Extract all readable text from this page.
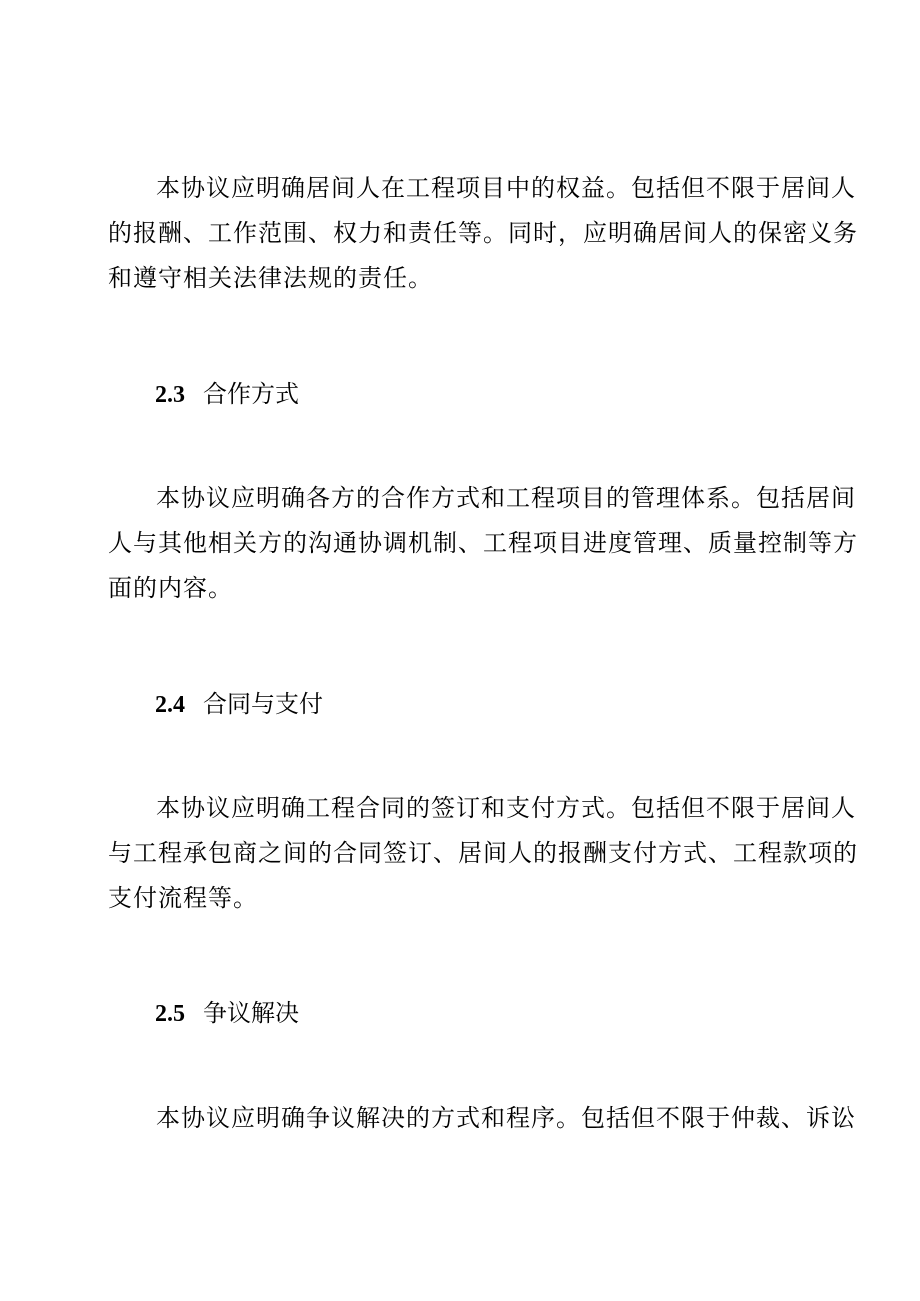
本协议应明确居间人在工程项目中的权益。包括但不限于居间人
的报酬、工作范围、权力和责任等。同时，应明确居间人的保密义务
和遵守相关法律法规的责任。

2.3 合作方式

本协议应明确各方的合作方式和工程项目的管理体系。包括居间
人与其他相关方的沟通协调机制、工程项目进度管理、质量控制等方
面的内容。

2.4 合同与支付

本协议应明确工程合同的签订和支付方式。包括但不限于居间人
与工程承包商之间的合同签订、居间人的报酬支付方式、工程款项的
支付流程等。

2.5 争议解决

本协议应明确争议解决的方式和程序。包括但不限于仲裁、诉讼
